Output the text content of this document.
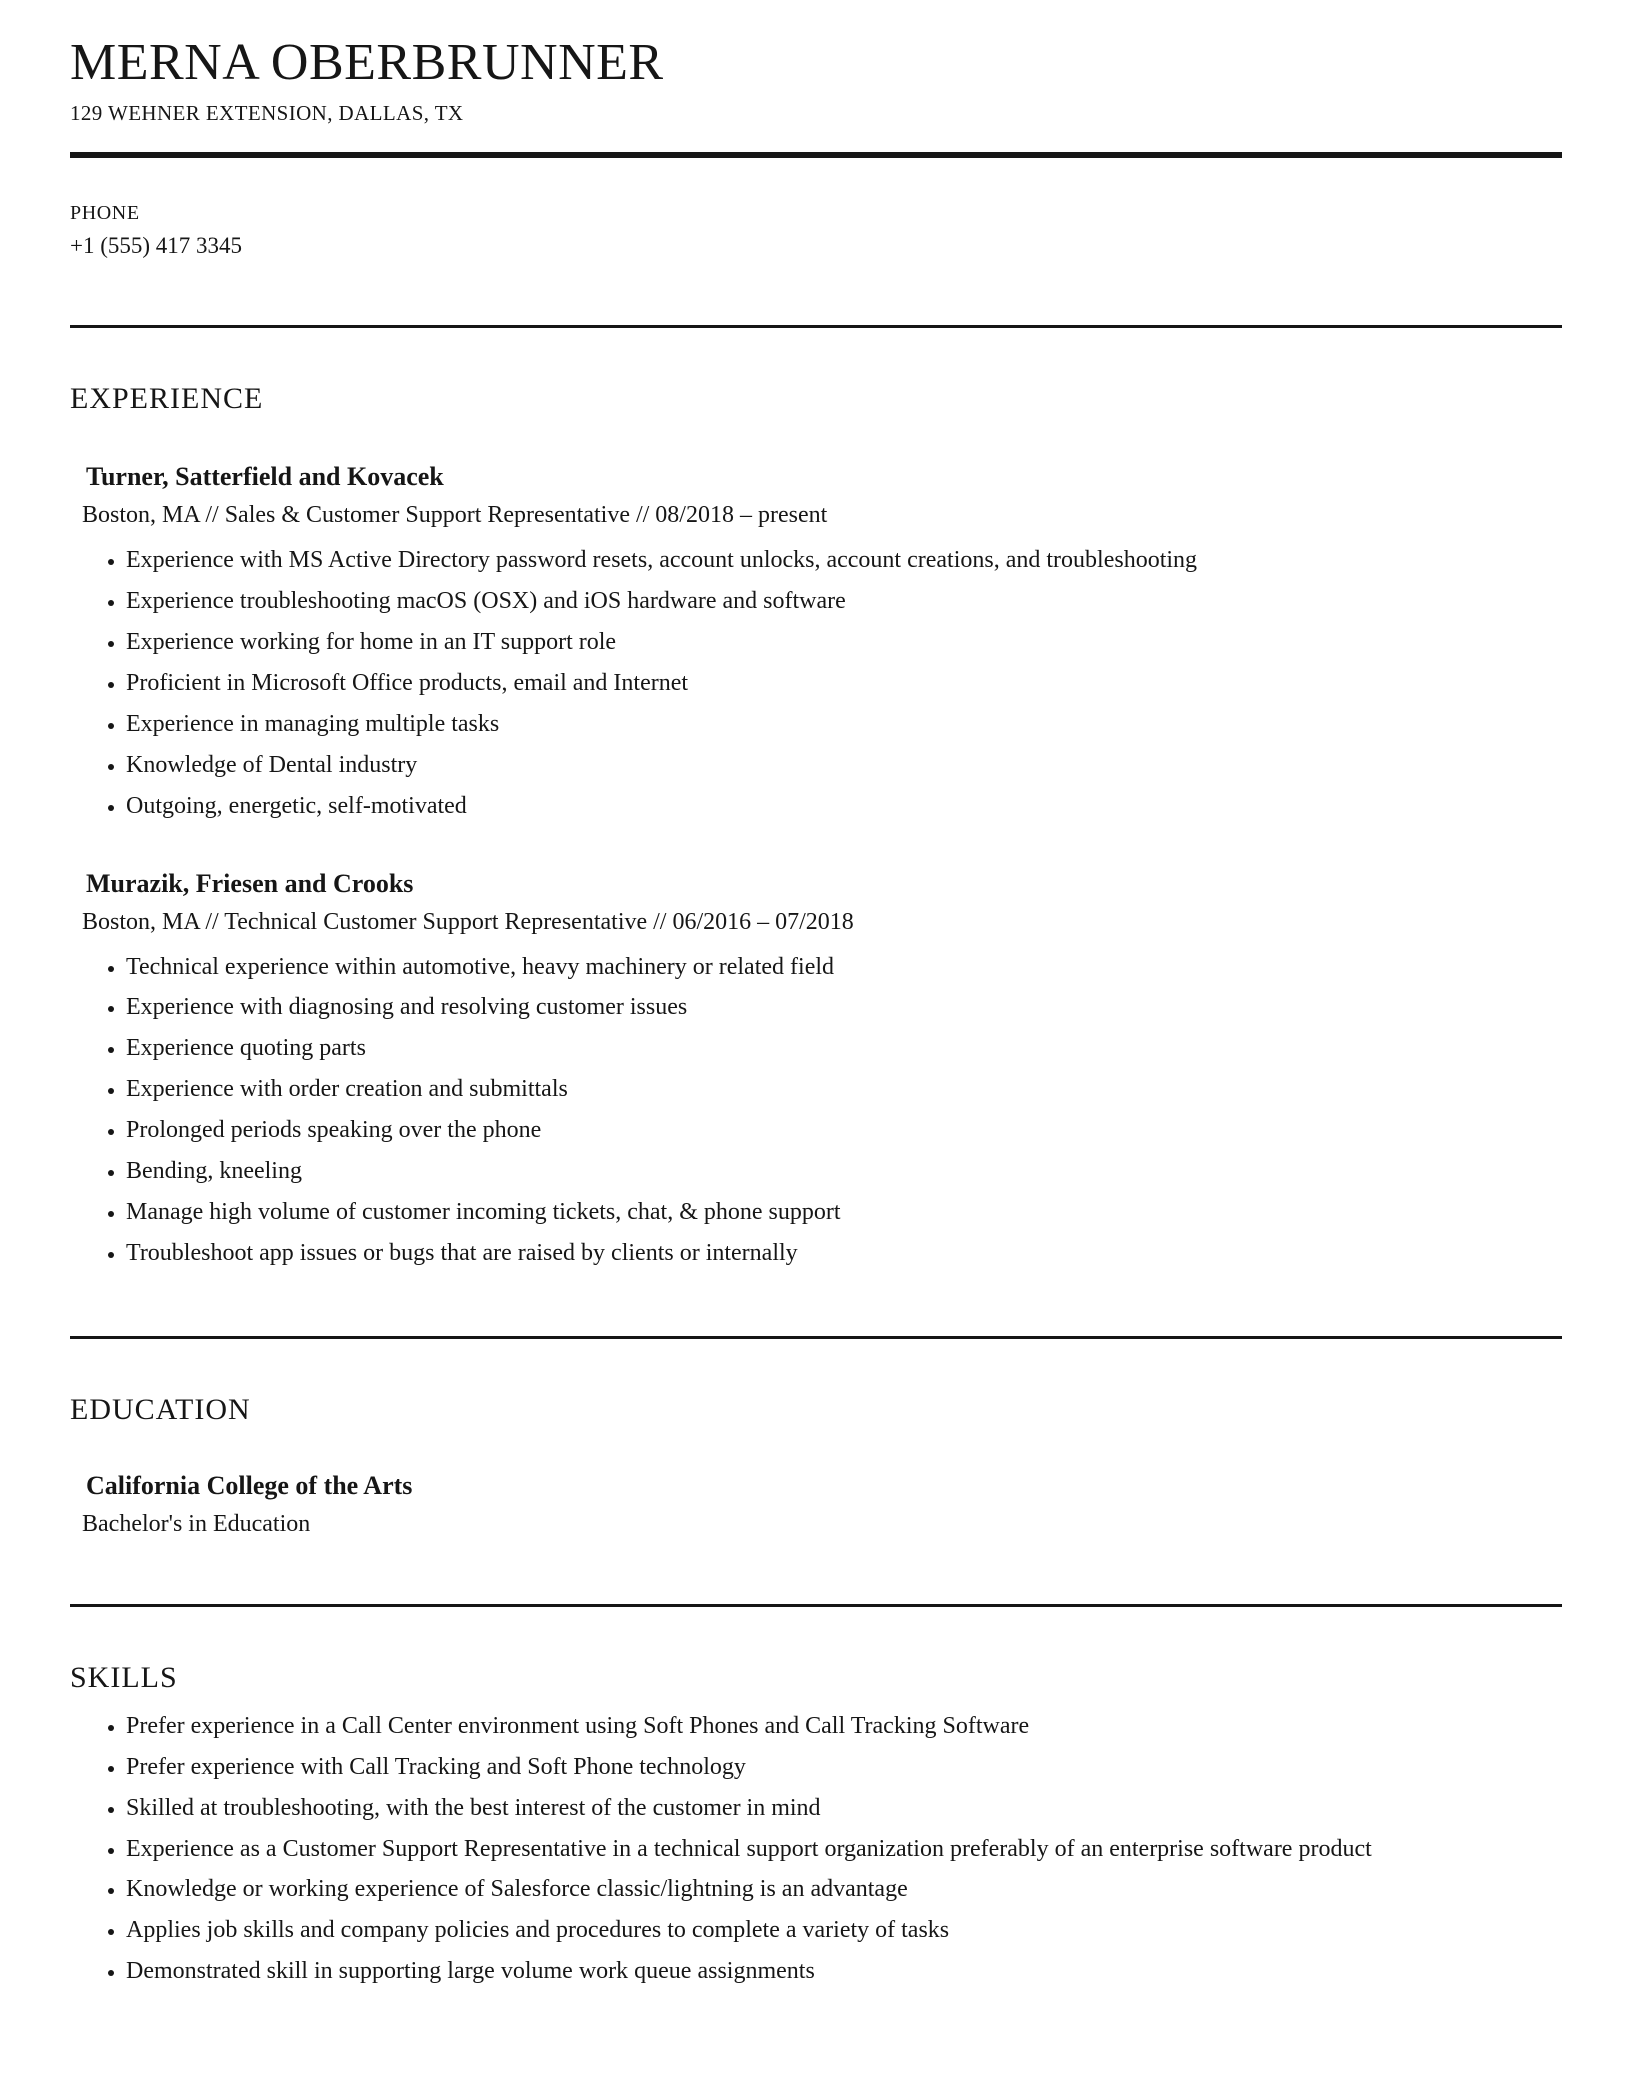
MERNA OBERBRUNNER
129 WEHNER EXTENSION, DALLAS, TX
PHONE
+1 (555) 417 3345
EXPERIENCE
Turner, Satterfield and Kovacek
Boston, MA // Sales & Customer Support Representative // 08/2018 – present
• Experience with MS Active Directory password resets, account unlocks, account creations, and troubleshooting
• Experience troubleshooting macOS (OSX) and iOS hardware and software
• Experience working for home in an IT support role
• Proficient in Microsoft Office products, email and Internet
• Experience in managing multiple tasks
• Knowledge of Dental industry
• Outgoing, energetic, self-motivated
Murazik, Friesen and Crooks
Boston, MA // Technical Customer Support Representative // 06/2016 – 07/2018
• Technical experience within automotive, heavy machinery or related field
• Experience with diagnosing and resolving customer issues
• Experience quoting parts
• Experience with order creation and submittals
• Prolonged periods speaking over the phone
• Bending, kneeling
• Manage high volume of customer incoming tickets, chat, & phone support
• Troubleshoot app issues or bugs that are raised by clients or internally
EDUCATION
California College of the Arts
Bachelor's in Education
SKILLS
• Prefer experience in a Call Center environment using Soft Phones and Call Tracking Software
• Prefer experience with Call Tracking and Soft Phone technology
• Skilled at troubleshooting, with the best interest of the customer in mind
• Experience as a Customer Support Representative in a technical support organization preferably of an enterprise software product
• Knowledge or working experience of Salesforce classic/lightning is an advantage
• Applies job skills and company policies and procedures to complete a variety of tasks
• Demonstrated skill in supporting large volume work queue assignments
